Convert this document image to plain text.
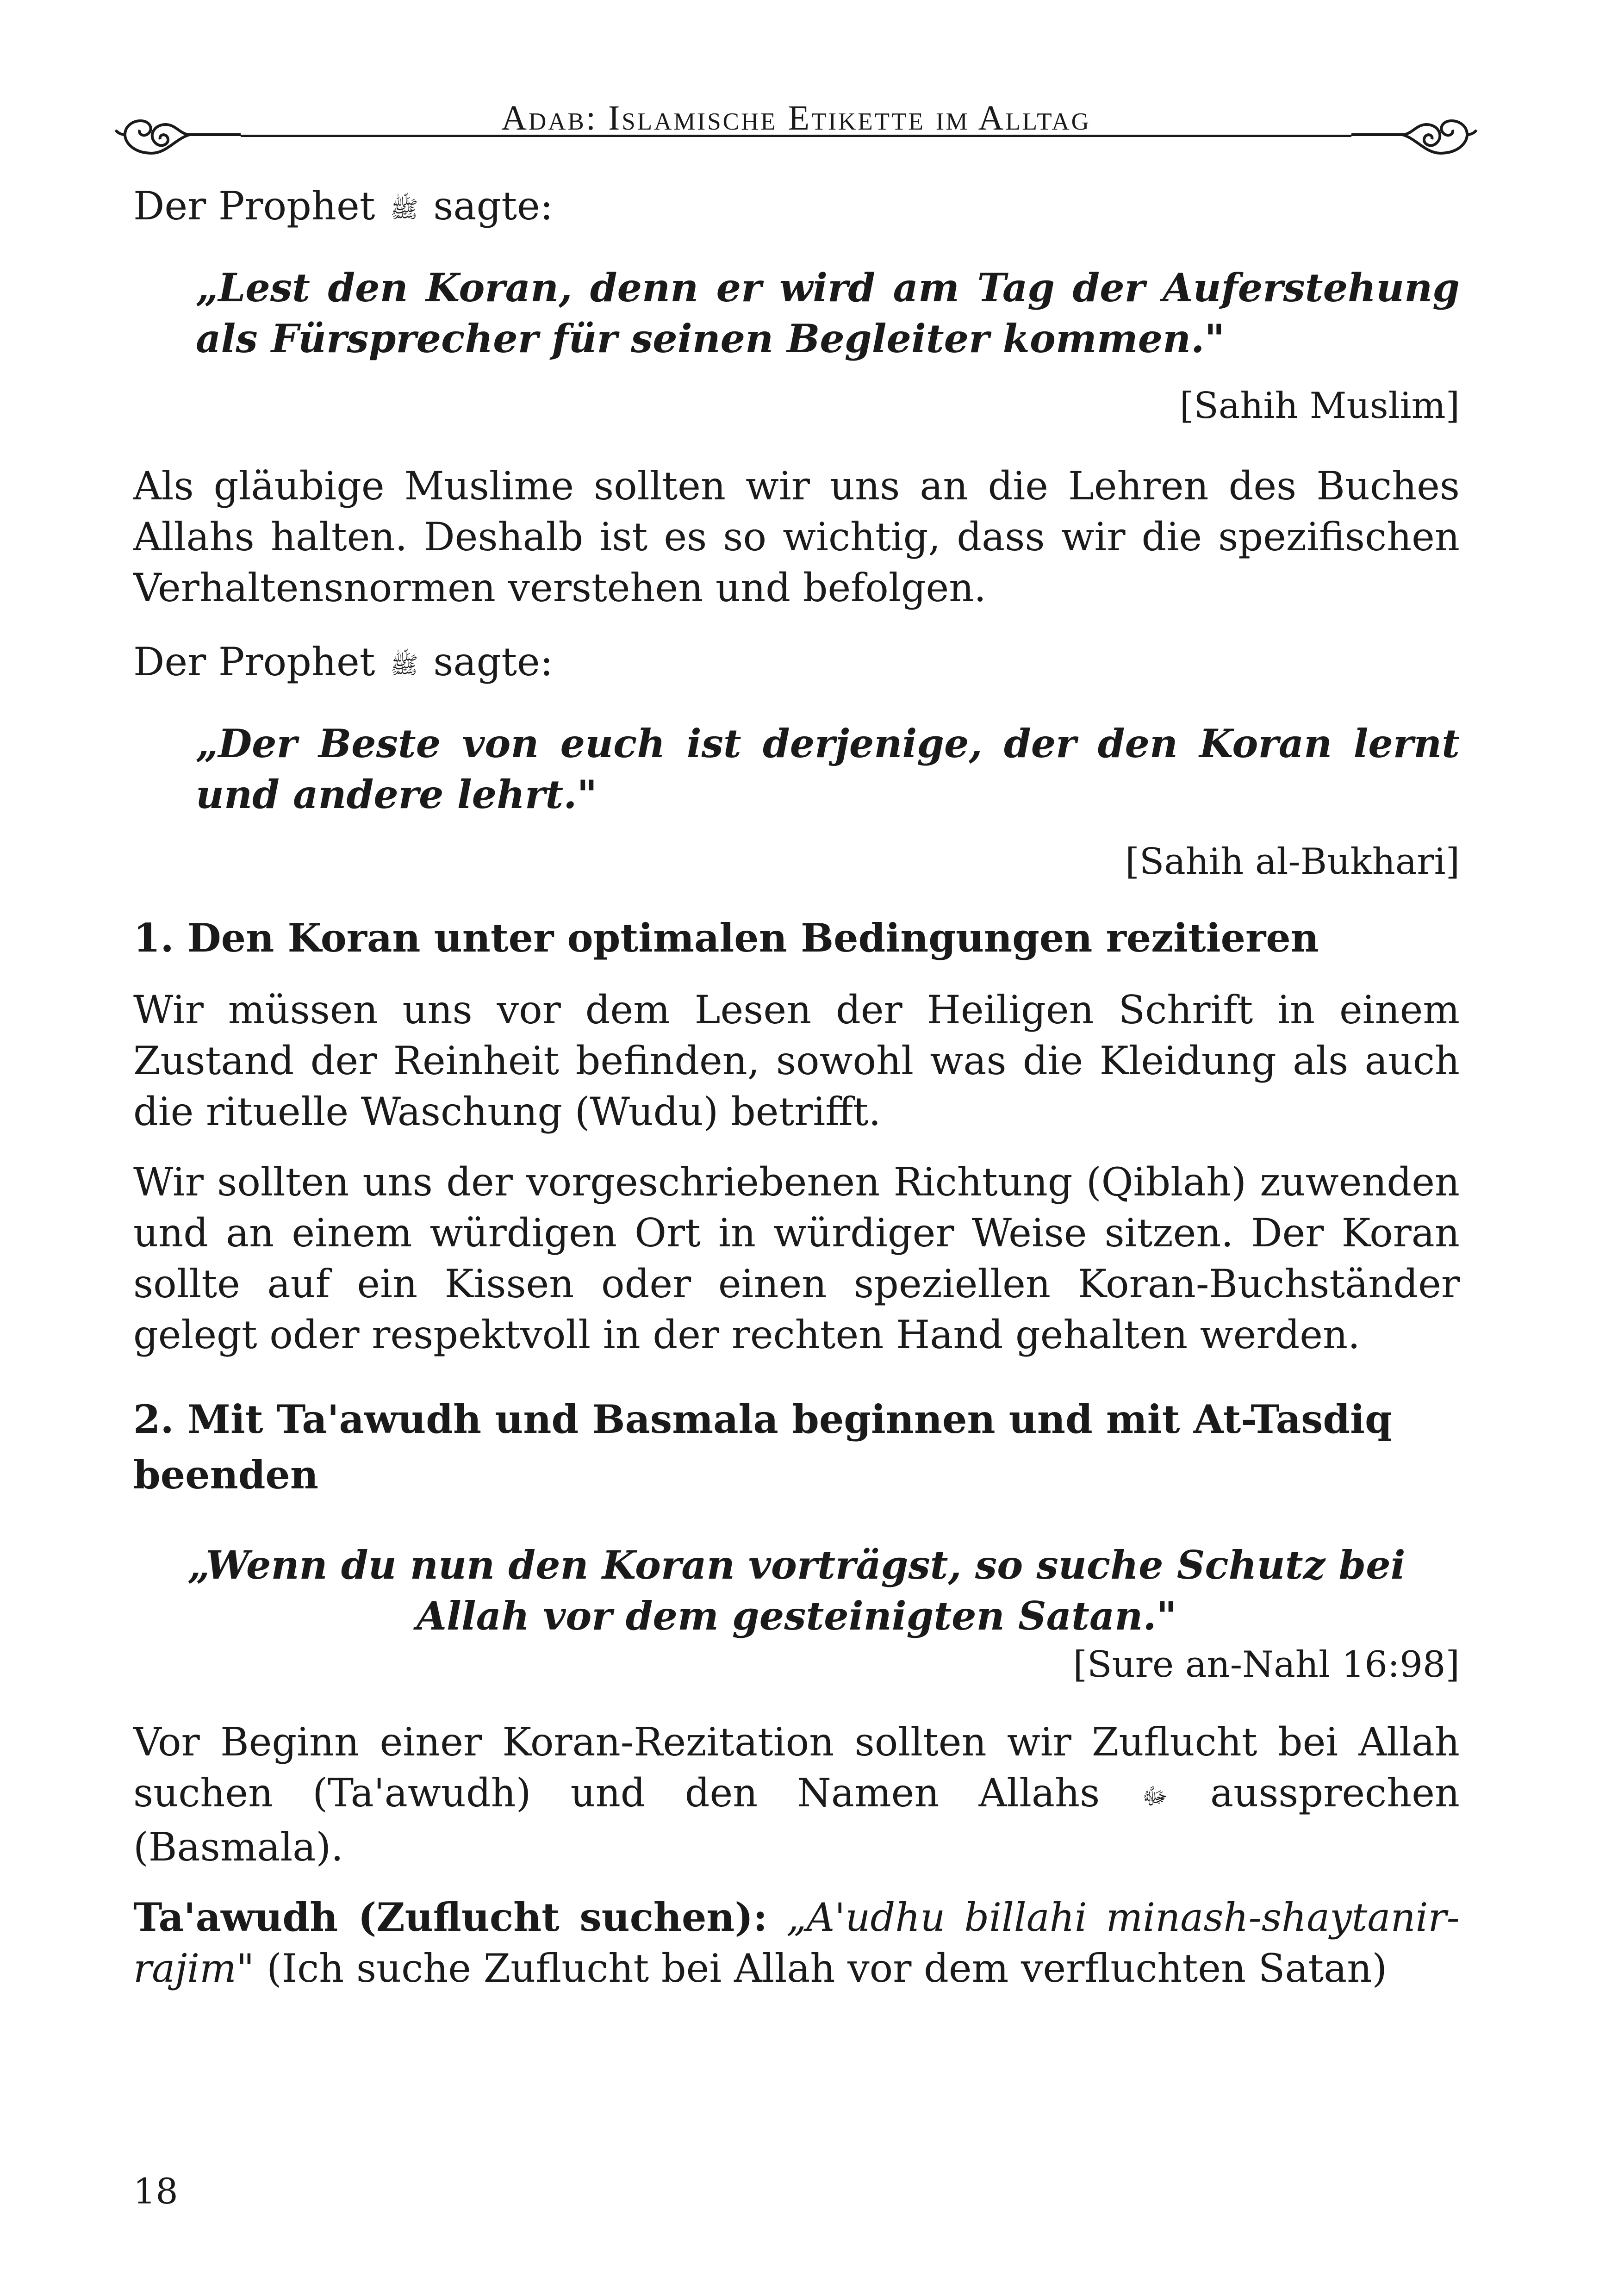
Adab: Islamische Etikette im Alltag

Der Prophet ﷺ sagte:

„Lest den Koran, denn er wird am Tag der Auferstehung als Fürsprecher für seinen Begleiter kommen."

[Sahih Muslim]

Als gläubige Muslime sollten wir uns an die Lehren des Buches Allahs halten. Deshalb ist es so wichtig, dass wir die spezifischen Verhaltensnormen verstehen und befolgen.

Der Prophet ﷺ sagte:

„Der Beste von euch ist derjenige, der den Koran lernt und andere lehrt."

[Sahih al-Bukhari]

1. Den Koran unter optimalen Bedingungen rezitieren

Wir müssen uns vor dem Lesen der Heiligen Schrift in einem Zustand der Reinheit befinden, sowohl was die Kleidung als auch die rituelle Waschung (Wudu) betrifft.

Wir sollten uns der vorgeschriebenen Richtung (Qiblah) zuwenden und an einem würdigen Ort in würdiger Weise sitzen. Der Koran sollte auf ein Kissen oder einen speziellen Koran-Buchständer gelegt oder respektvoll in der rechten Hand gehalten werden.

2. Mit Ta'awudh und Basmala beginnen und mit At-Tasdiq beenden

„Wenn du nun den Koran vorträgst, so suche Schutz bei

Allah vor dem gesteinigten Satan."

[Sure an-Nahl 16:98]

Vor Beginn einer Koran-Rezitation sollten wir Zuflucht bei Allah suchen (Ta'awudh) und den Namen Allahs ﷻ aussprechen (Basmala).

Ta'awudh (Zuflucht suchen): „A'udhu billahi minash-shaytanir-rajim" (Ich suche Zuflucht bei Allah vor dem verfluchten Satan)

18
